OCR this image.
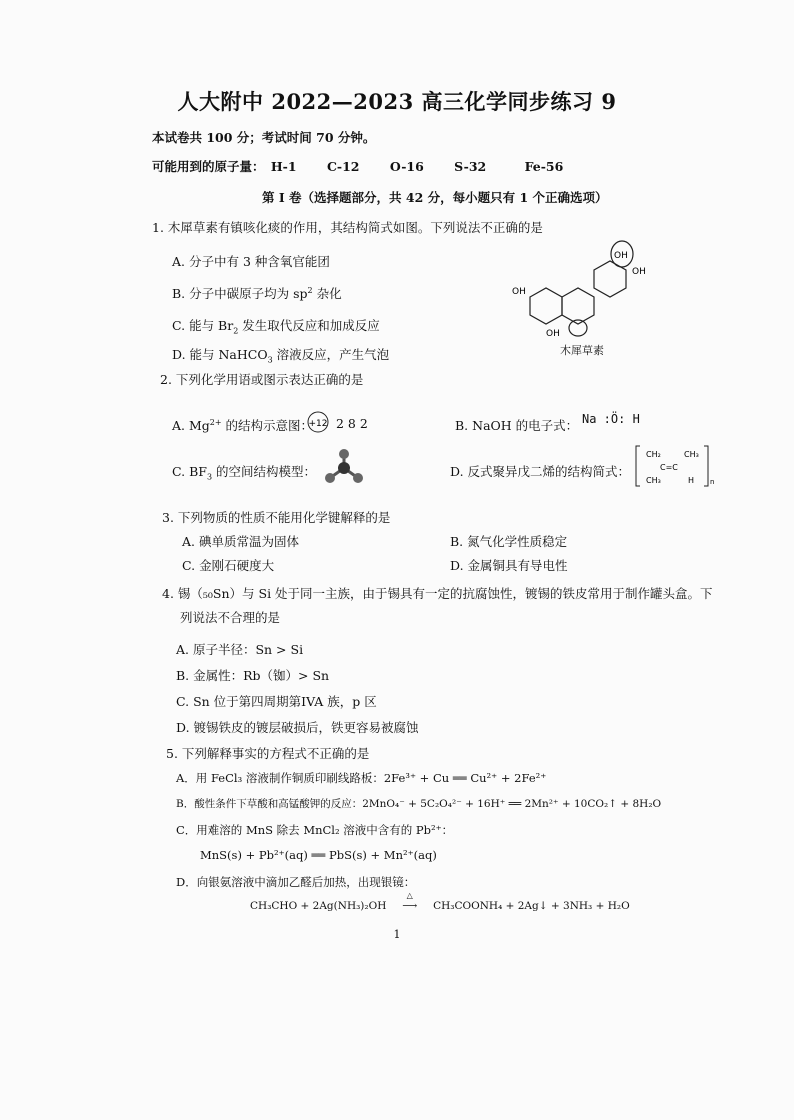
人大附中 2022—2023 高三化学同步练习 9
本试卷共 100 分；考试时间 70 分钟。
可能用到的原子量： H-1 C-12 O-16 S-32	Fe-56
第 I 卷（选择题部分，共 42 分，每小题只有 1 个正确选项）
1. 木犀草素有镇咳化痰的作用，其结构简式如图。下列说法不正确的是
A. 分子中有 3 种含氧官能团
B. 分子中碳原子均为 $sp^2$ 杂化
C. 能与 $Br_2$ 发生取代反应和加成反应
D. 能与 NaHCO$_3$ 溶液反应，产生气泡
OH
OH
OH
OH
木犀草素
2. 下列化学用语或图示表达正确的是
A. $Mg^{2+}$ 的结构示意图：
+12 2 8 2	B. NaOH 的电子式： Na :Ö: H
C. $BF_3$ 的空间结构模型：	D. 反式聚异戊二烯的结构简式：
CH₂	CH₃
C=C
CH₃	H n
3. 下列物质的性质不能用化学键解释的是
A. 碘单质常温为固体	B. 氮气化学性质稳定
C. 金刚石硬度大	D. 金属铜具有导电性
4. 锡（₅₀Sn）与 Si 处于同一主族，由于锡具有一定的抗腐蚀性，镀锡的铁皮常用于制作罐头盒。下
列说法不合理的是
A. 原子半径：Sn > Si
B. 金属性：Rb（铷）> Sn
C. Sn 位于第四周期第IVA 族，p 区
D. 镀锡铁皮的镀层破损后，铁更容易被腐蚀
5. 下列解释事实的方程式不正确的是
A．用 FeCl₃ 溶液制作铜质印刷线路板：2Fe³⁺ + Cu ══ Cu²⁺ + 2Fe²⁺
B．酸性条件下草酸和高锰酸钾的反应：2MnO₄⁻ + 5C₂O₄²⁻ + 16H⁺ ══ 2Mn²⁺ + 10CO₂↑ + 8H₂O
C．用难溶的 MnS 除去 MnCl₂ 溶液中含有的 Pb²⁺：
MnS(s) + Pb²⁺(aq) ══ PbS(s) + Mn²⁺(aq)
D．向银氨溶液中滴加乙醛后加热，出现银镜：
CH₃CHO + 2Ag(NH₃)₂OH
△
⟶ CH₃COONH₄ + 2Ag↓ + 3NH₃ + H₂O
1
